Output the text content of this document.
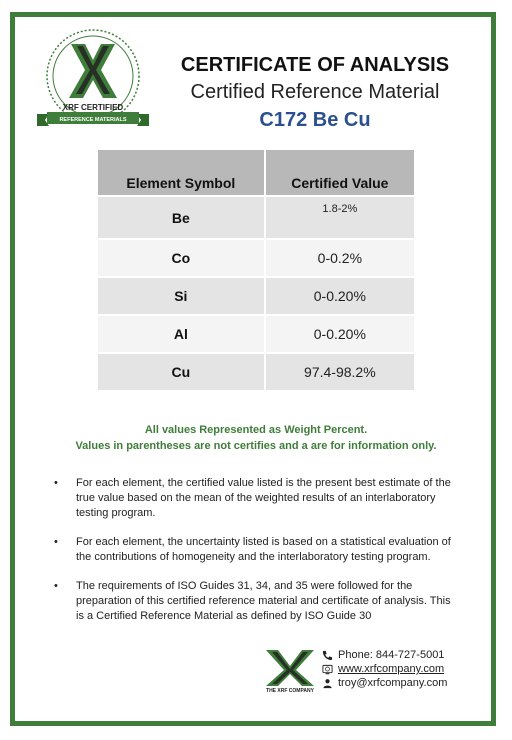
XRF CERTIFIED
REFERENCE MATERIALS
CERTIFICATE OF ANALYSIS
Certified Reference Material
C172 Be Cu
Element Symbol	Certified Value
Be	1.8-2%
Co	0-0.2%
Si	0-0.20%
Al	0-0.20%
Cu	97.4-98.2%
All values Represented as Weight Percent.
Values in parentheses are not certifies and a are for information only.
• For each element, the certified value listed is the present best estimate of the true value based on the mean of the weighted results of an interlaboratory testing program.
• For each element, the uncertainty listed is based on a statistical evaluation of the contributions of homogeneity and the interlaboratory testing program.
• The requirements of ISO Guides 31, 34, and 35 were followed for the preparation of this certified reference material and certificate of analysis. This is a Certified Reference Material as defined by ISO Guide 30
THE XRF COMPANY
Phone: 844-727-5001
www.xrfcompany.com
troy@xrfcompany.com
